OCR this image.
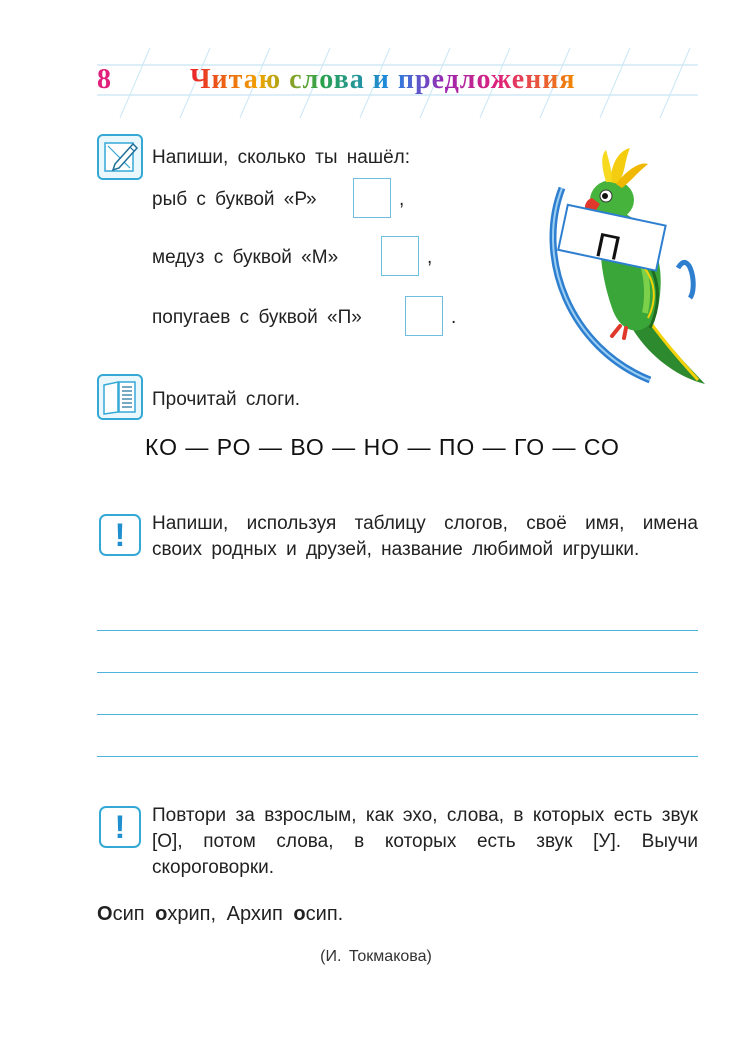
8	Читаю слова и предложения
Напиши, сколько ты нашёл:
рыб с буквой «Р»	,
медуз с буквой «М»	,
попугаев с буквой «П»	.
П
Прочитай слоги.
КО — РО — ВО — НО — ПО — ГО — СО
!	Напиши, используя таблицу слогов, своё имя, имена своих родных и друзей, название любимой игрушки.
!	Повтори за взрослым, как эхо, слова, в которых есть звук [О], потом слова, в которых есть звук [У]. Выучи скороговорки.
Осип охрип, Архип осип.
(И. Токмакова)
